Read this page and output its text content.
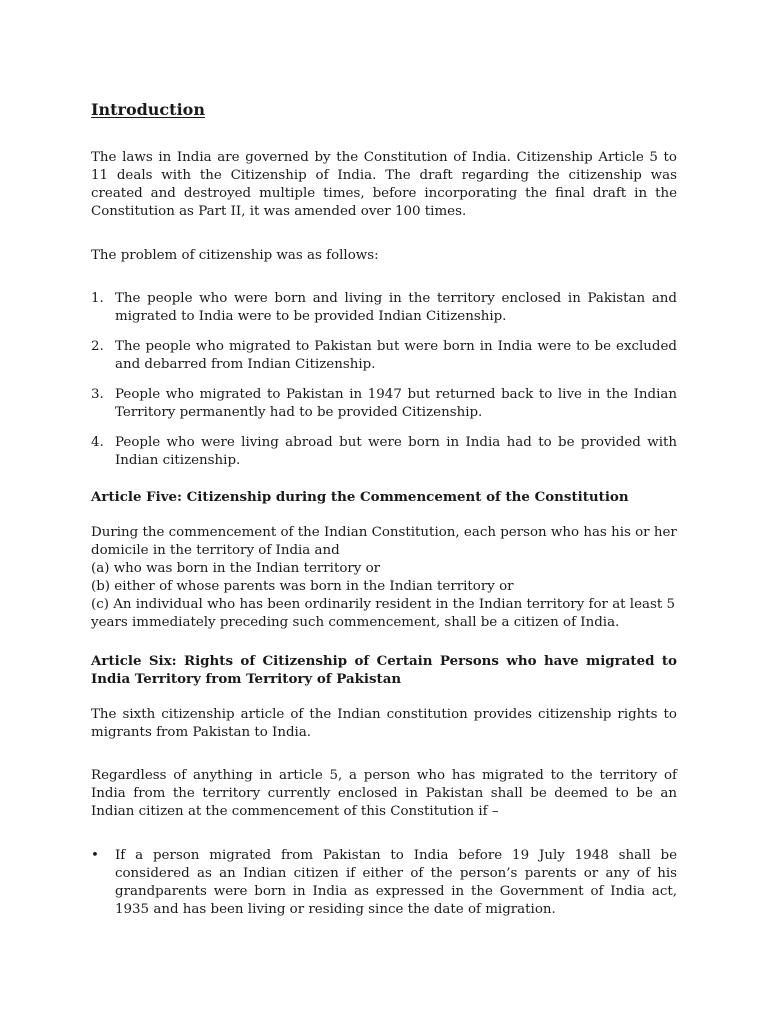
Introduction

The laws in India are governed by the Constitution of India. Citizenship Article 5 to 11 deals with the Citizenship of India. The draft regarding the citizenship was created and destroyed multiple times, before incorporating the final draft in the Constitution as Part II, it was amended over 100 times.

The problem of citizenship was as follows:

1. The people who were born and living in the territory enclosed in Pakistan and migrated to India were to be provided Indian Citizenship.
2. The people who migrated to Pakistan but were born in India were to be excluded and debarred from Indian Citizenship.
3. People who migrated to Pakistan in 1947 but returned back to live in the Indian Territory permanently had to be provided Citizenship.
4. People who were living abroad but were born in India had to be provided with Indian citizenship.

Article Five: Citizenship during the Commencement of the Constitution

During the commencement of the Indian Constitution, each person who has his or her
domicile in the territory of India and
(a) who was born in the Indian territory or
(b) either of whose parents was born in the Indian territory or
(c) An individual who has been ordinarily resident in the Indian territory for at least 5
years immediately preceding such commencement, shall be a citizen of India.

Article Six: Rights of Citizenship of Certain Persons who have migrated to India Territory from Territory of Pakistan

The sixth citizenship article of the Indian constitution provides citizenship rights to migrants from Pakistan to India.

Regardless of anything in article 5, a person who has migrated to the territory of India from the territory currently enclosed in Pakistan shall be deemed to be an Indian citizen at the commencement of this Constitution if –

• If a person migrated from Pakistan to India before 19 July 1948 shall be considered as an Indian citizen if either of the person’s parents or any of his grandparents were born in India as expressed in the Government of India act, 1935 and has been living or residing since the date of migration.
